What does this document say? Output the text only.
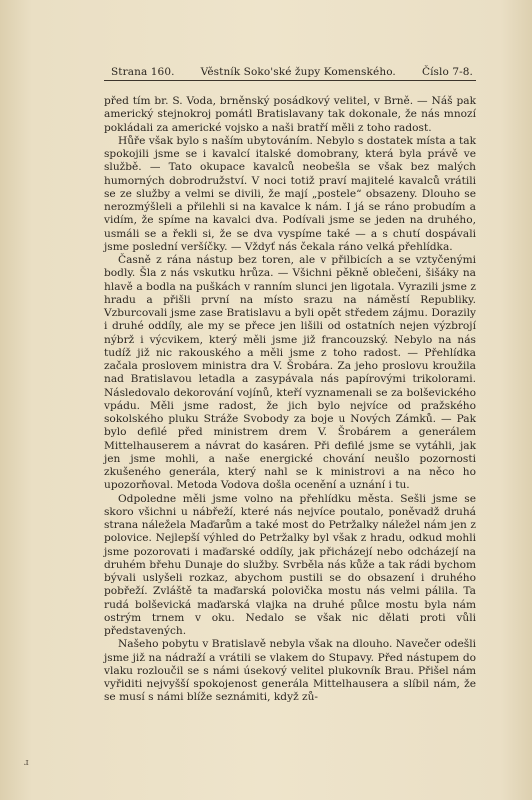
Strana 160. Věstník Soko'ské župy Komenského. Číslo 7-8.

před tím br. S. Voda, brněnský posádkový velitel, v Brně. — Náš pak americký stejnokroj pomátl Bratislavany tak dokonale, že nás mnozí pokládali za americké vojsko a naši bratří měli z toho radost.

Hůře však bylo s naším ubytováním. Nebylo s dostatek místa a tak spokojili jsme se i kavalcí italské domobrany, která byla právě ve službě. — Tato okupace kavalců neobešla se však bez malých humorných dobrodružství. V noci totiž praví majitelé kavalců vrátili se ze služby a velmi se divili, že mají „postele“ obsazeny. Dlouho se nerozmýšleli a přilehli si na kavalce k nám. I já se ráno probudím a vidím, že spíme na kavalci dva. Podívali jsme se jeden na druhého, usmáli se a řekli si, že se dva vyspíme také — a s chutí dospávali jsme poslední veršíčky. — Vždyť nás čekala ráno velká přehlídka.

Časně z rána nástup bez toren, ale v přilbicích a se vztyčenými bodly. Šla z nás vskutku hrůza. — Všichni pěkně oblečeni, šišáky na hlavě a bodla na puškách v ranním slunci jen ligotala. Vyrazili jsme z hradu a přišli první na místo srazu na náměstí Republiky. Vzburcovali jsme zase Bratislavu a byli opět středem zájmu. Dorazily i druhé oddíly, ale my se přece jen lišili od ostatních nejen výzbrojí nýbrž i výcvikem, který měli jsme již francouzský. Nebylo na nás tudíž již nic rakouského a měli jsme z toho radost. — Přehlídka začala proslovem ministra dra V. Šrobára. Za jeho proslovu kroužila nad Bratislavou letadla a zasypávala nás papírovými trikolorami. Následovalo dekorování vojínů, kteří vyznamenali se za bolševického vpádu. Měli jsme radost, že jich bylo nejvíce od pražského sokolského pluku Stráže Svobody za boje u Nových Zámků. — Pak bylo defilé před ministrem drem V. Šrobárem a generálem Mittelhauserem a návrat do kasáren. Při defilé jsme se vytáhli, jak jen jsme mohli, a naše energické chování neušlo pozornosti zkušeného generála, který nahl se k ministrovi a na něco ho upozorňoval. Metoda Vodova došla ocenění a uznání i tu.

Odpoledne měli jsme volno na přehlídku města. Sešli jsme se skoro všichni u nábřeží, které nás nejvíce poutalo, poněvadž druhá strana náležela Maďarům a také most do Petržalky náležel nám jen z polovice. Nejlepší výhled do Petržalky byl však z hradu, odkud mohli jsme pozorovati i maďarské oddíly, jak přicházejí nebo odcházejí na druhém břehu Dunaje do služby. Svrběla nás kůže a tak rádi bychom bývali uslyšeli rozkaz, abychom pustili se do obsazení i druhého pobřeží. Zvláště ta maďarská polovička mostu nás velmi pálila. Ta rudá bolševická maďarská vlajka na druhé půlce mostu byla nám ostrým trnem v oku. Nedalo se však nic dělati proti vůli představených.

Našeho pobytu v Bratislavě nebyla však na dlouho. Navečer odešli jsme již na nádraží a vrátili se vlakem do Stupavy. Před nástupem do vlaku rozloučil se s námi úsekový velitel plukovník Brau. Přišel nám vyřiditi nejvyšší spokojenost generála Mittelhausera a slíbil nám, že se musí s námi blíže seznámiti, když zů-

ɹ
